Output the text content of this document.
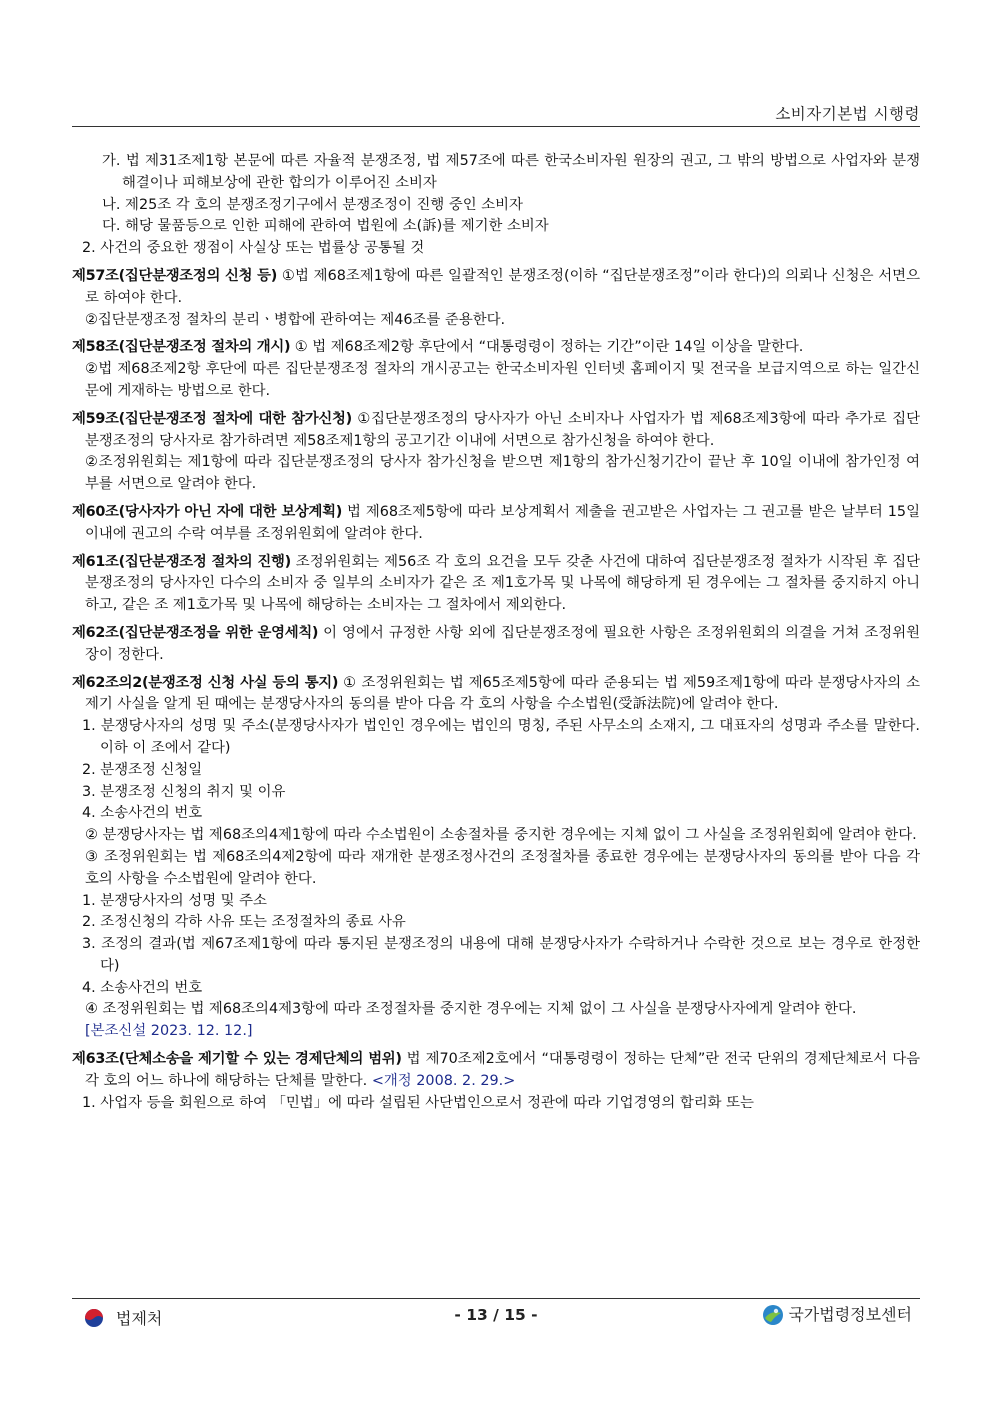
소비자기본법 시행령

가. 법 제31조제1항 본문에 따른 자율적 분쟁조정, 법 제57조에 따른 한국소비자원 원장의 권고, 그 밖의 방법으로 사업자와 분쟁해결이나 피해보상에 관한 합의가 이루어진 소비자

나. 제25조 각 호의 분쟁조정기구에서 분쟁조정이 진행 중인 소비자

다. 해당 물품등으로 인한 피해에 관하여 법원에 소(訴)를 제기한 소비자

2. 사건의 중요한 쟁점이 사실상 또는 법률상 공통될 것

제57조(집단분쟁조정의 신청 등) ①법 제68조제1항에 따른 일괄적인 분쟁조정(이하 “집단분쟁조정”이라 한다)의 의뢰나 신청은 서면으로 하여야 한다.

②집단분쟁조정 절차의 분리ㆍ병합에 관하여는 제46조를 준용한다.

제58조(집단분쟁조정 절차의 개시) ① 법 제68조제2항 후단에서 “대통령령이 정하는 기간”이란 14일 이상을 말한다.

②법 제68조제2항 후단에 따른 집단분쟁조정 절차의 개시공고는 한국소비자원 인터넷 홈페이지 및 전국을 보급지역으로 하는 일간신문에 게재하는 방법으로 한다.

제59조(집단분쟁조정 절차에 대한 참가신청) ①집단분쟁조정의 당사자가 아닌 소비자나 사업자가 법 제68조제3항에 따라 추가로 집단분쟁조정의 당사자로 참가하려면 제58조제1항의 공고기간 이내에 서면으로 참가신청을 하여야 한다.

②조정위원회는 제1항에 따라 집단분쟁조정의 당사자 참가신청을 받으면 제1항의 참가신청기간이 끝난 후 10일 이내에 참가인정 여부를 서면으로 알려야 한다.

제60조(당사자가 아닌 자에 대한 보상계획) 법 제68조제5항에 따라 보상계획서 제출을 권고받은 사업자는 그 권고를 받은 날부터 15일 이내에 권고의 수락 여부를 조정위원회에 알려야 한다.

제61조(집단분쟁조정 절차의 진행) 조정위원회는 제56조 각 호의 요건을 모두 갖춘 사건에 대하여 집단분쟁조정 절차가 시작된 후 집단분쟁조정의 당사자인 다수의 소비자 중 일부의 소비자가 같은 조 제1호가목 및 나목에 해당하게 된 경우에는 그 절차를 중지하지 아니하고, 같은 조 제1호가목 및 나목에 해당하는 소비자는 그 절차에서 제외한다.

제62조(집단분쟁조정을 위한 운영세칙) 이 영에서 규정한 사항 외에 집단분쟁조정에 필요한 사항은 조정위원회의 의결을 거쳐 조정위원장이 정한다.

제62조의2(분쟁조정 신청 사실 등의 통지) ① 조정위원회는 법 제65조제5항에 따라 준용되는 법 제59조제1항에 따라 분쟁당사자의 소 제기 사실을 알게 된 때에는 분쟁당사자의 동의를 받아 다음 각 호의 사항을 수소법원(受訴法院)에 알려야 한다.

1. 분쟁당사자의 성명 및 주소(분쟁당사자가 법인인 경우에는 법인의 명칭, 주된 사무소의 소재지, 그 대표자의 성명과 주소를 말한다. 이하 이 조에서 같다)

2. 분쟁조정 신청일

3. 분쟁조정 신청의 취지 및 이유

4. 소송사건의 번호

② 분쟁당사자는 법 제68조의4제1항에 따라 수소법원이 소송절차를 중지한 경우에는 지체 없이 그 사실을 조정위원회에 알려야 한다.

③ 조정위원회는 법 제68조의4제2항에 따라 재개한 분쟁조정사건의 조정절차를 종료한 경우에는 분쟁당사자의 동의를 받아 다음 각 호의 사항을 수소법원에 알려야 한다.

1. 분쟁당사자의 성명 및 주소

2. 조정신청의 각하 사유 또는 조정절차의 종료 사유

3. 조정의 결과(법 제67조제1항에 따라 통지된 분쟁조정의 내용에 대해 분쟁당사자가 수락하거나 수락한 것으로 보는 경우로 한정한다)

4. 소송사건의 번호

④ 조정위원회는 법 제68조의4제3항에 따라 조정절차를 중지한 경우에는 지체 없이 그 사실을 분쟁당사자에게 알려야 한다.

[본조신설 2023. 12. 12.]

제63조(단체소송을 제기할 수 있는 경제단체의 범위) 법 제70조제2호에서 “대통령령이 정하는 단체”란 전국 단위의 경제단체로서 다음 각 호의 어느 하나에 해당하는 단체를 말한다. <개정 2008. 2. 29.>

1. 사업자 등을 회원으로 하여 「민법」에 따라 설립된 사단법인으로서 정관에 따라 기업경영의 합리화 또는

법제처	- 13 / 15 -	국가법령정보센터
